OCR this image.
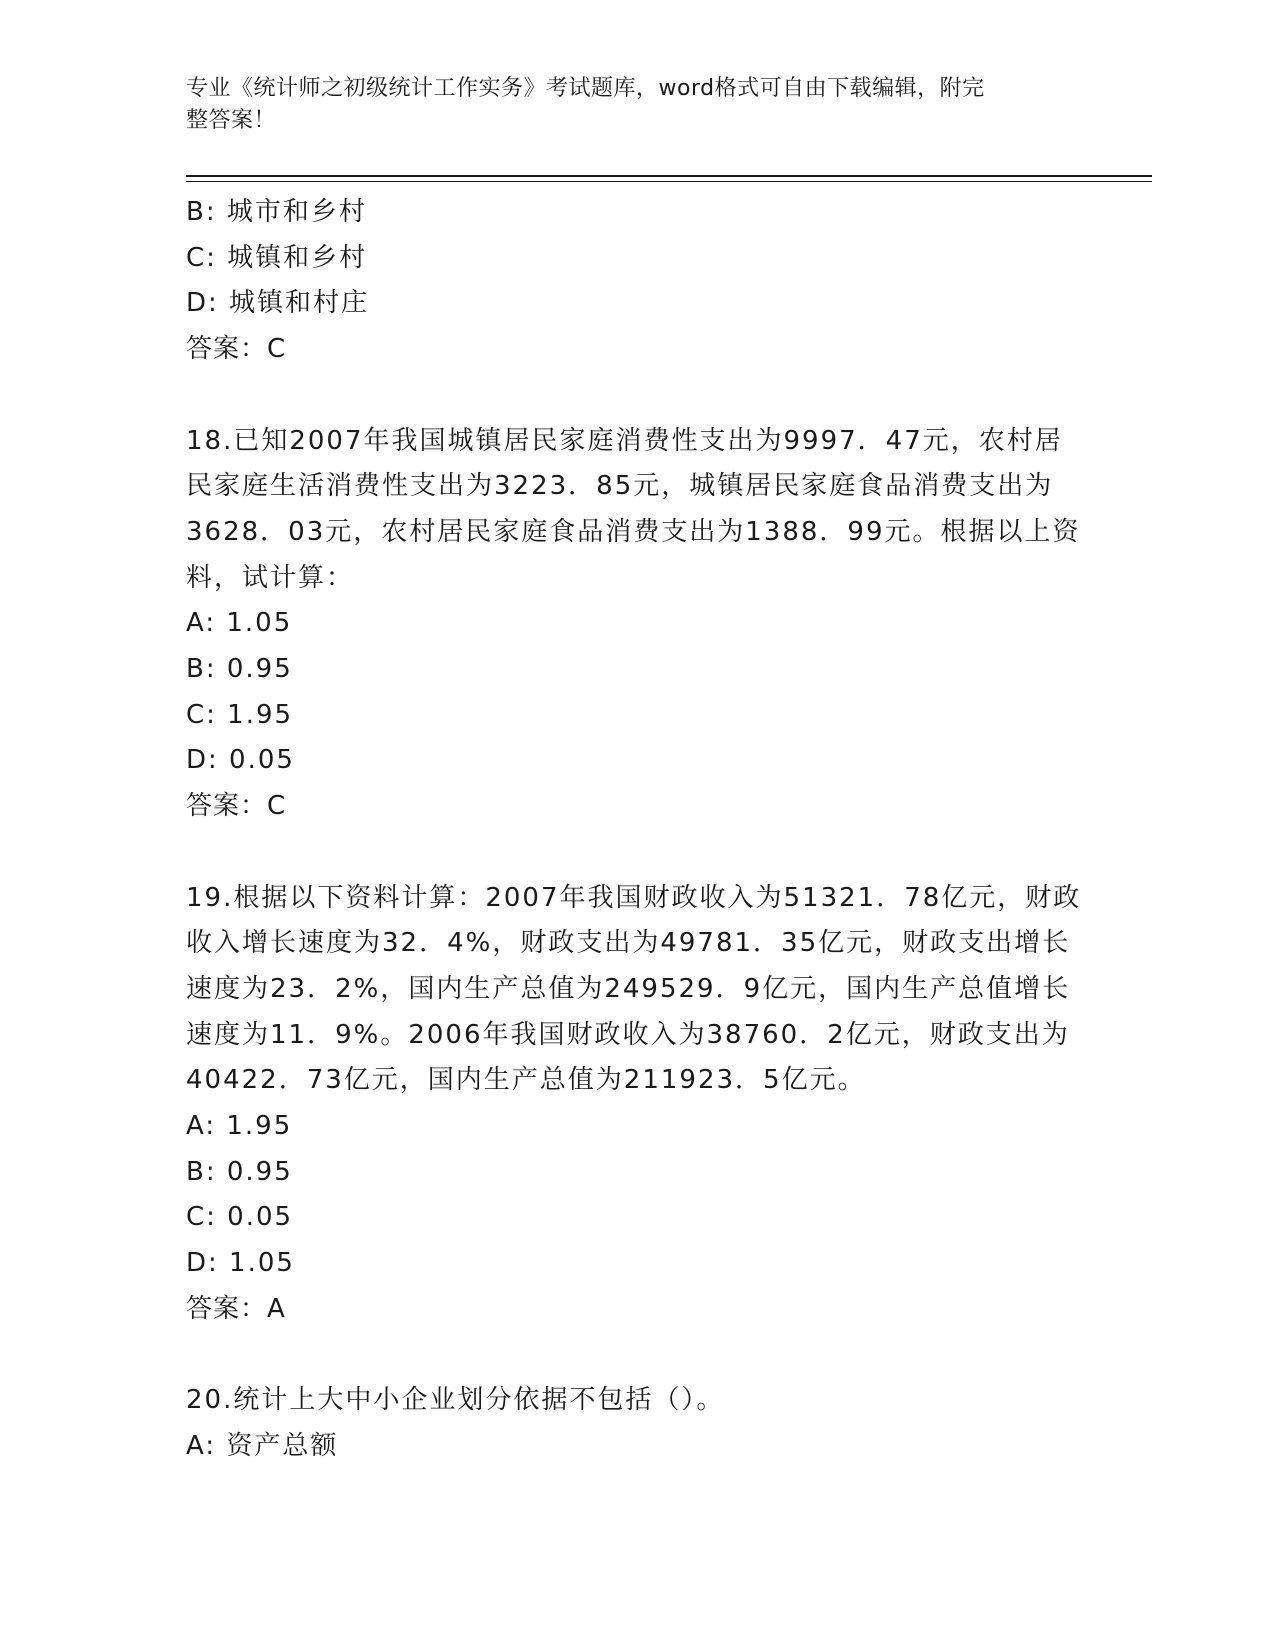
专业《统计师之初级统计工作实务》考试题库，word格式可自由下载编辑，附完
整答案！
B: 城市和乡村
C: 城镇和乡村
D: 城镇和村庄
答案：C
18.已知2007年我国城镇居民家庭消费性支出为9997．47元，农村居
民家庭生活消费性支出为3223．85元，城镇居民家庭食品消费支出为
3628．03元，农村居民家庭食品消费支出为1388．99元。根据以上资
料，试计算：
A: 1.05
B: 0.95
C: 1.95
D: 0.05
答案：C
19.根据以下资料计算：2007年我国财政收入为51321．78亿元，财政
收入增长速度为32．4%，财政支出为49781．35亿元，财政支出增长
速度为23．2%，国内生产总值为249529．9亿元，国内生产总值增长
速度为11．9%。2006年我国财政收入为38760．2亿元，财政支出为
40422．73亿元，国内生产总值为211923．5亿元。
A: 1.95
B: 0.95
C: 0.05
D: 1.05
答案：A
20.统计上大中小企业划分依据不包括（）。
A: 资产总额
